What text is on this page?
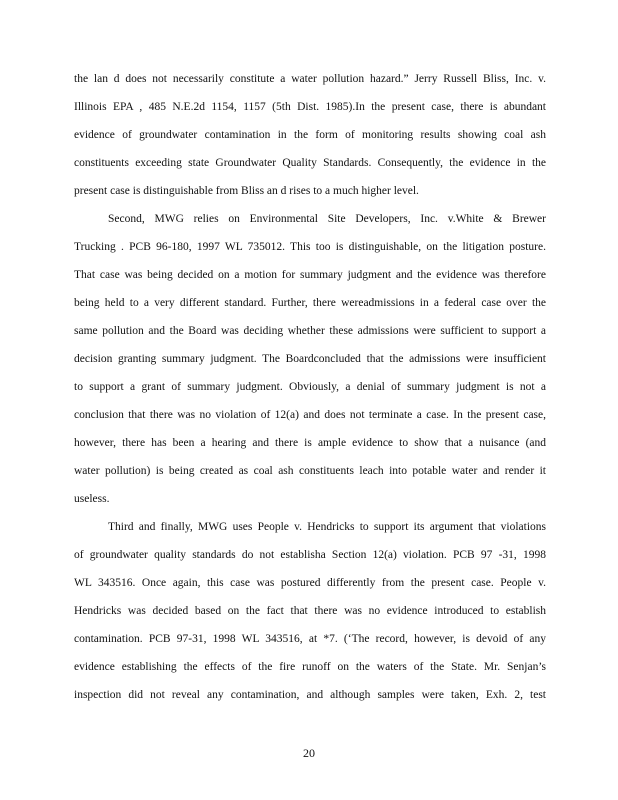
the lan d does not necessarily constitute a water pollution hazard.” Jerry Russell Bliss, Inc. v.
Illinois EPA , 485 N.E.2d 1154, 1157 (5th Dist. 1985).In the present case, there is abundant
evidence of groundwater contamination in the form of monitoring results showing coal ash
constituents exceeding state Groundwater Quality Standards. Consequently, the evidence in the
present case is distinguishable from Bliss an d rises to a much higher level.
Second, MWG relies on Environmental Site Developers, Inc. v.White & Brewer
Trucking . PCB 96-180, 1997 WL 735012. This too is distinguishable, on the litigation posture.
That case was being decided on a motion for summary judgment and the evidence was therefore
being held to a very different standard. Further, there wereadmissions in a federal case over the
same pollution and the Board was deciding whether these admissions were sufficient to support a
decision granting summary judgment. The Boardconcluded that the admissions were insufficient
to support a grant of summary judgment. Obviously, a denial of summary judgment is not a
conclusion that there was no violation of 12(a) and does not terminate a case. In the present case,
however, there has been a hearing and there is ample evidence to show that a nuisance (and
water pollution) is being created as coal ash constituents leach into potable water and render it
useless.
Third and finally, MWG uses People v. Hendricks to support its argument that violations
of groundwater quality standards do not establisha Section 12(a) violation. PCB 97 -31, 1998
WL 343516. Once again, this case was postured differently from the present case. People v.
Hendricks was decided based on the fact that there was no evidence introduced to establish
contamination. PCB 97-31, 1998 WL 343516, at *7. (‘The record, however, is devoid of any
evidence establishing the effects of the fire runoff on the waters of the State. Mr. Senjan’s
inspection did not reveal any contamination, and although samples were taken, Exh. 2, test
20
